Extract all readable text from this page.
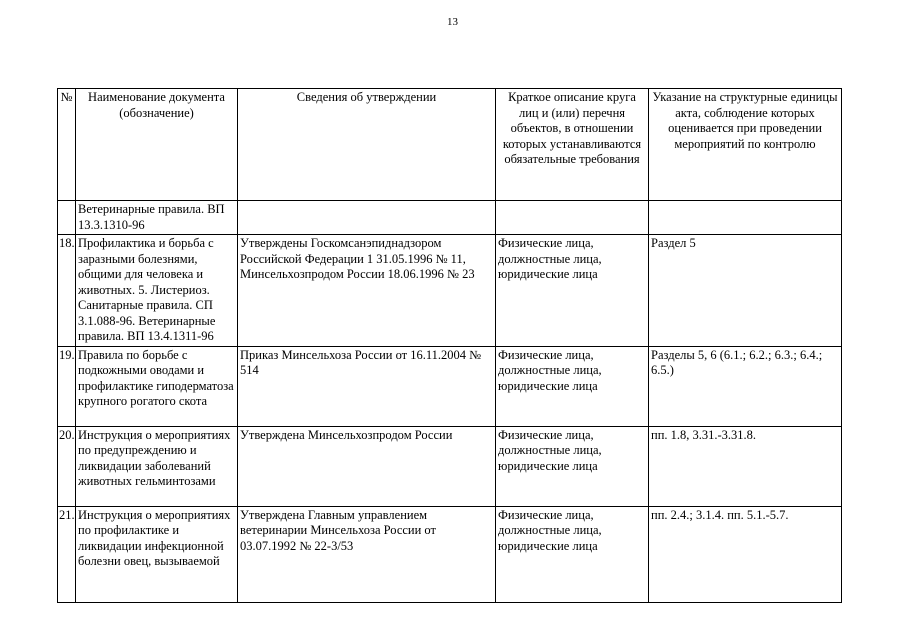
13
№	Наименование документа (обозначение)	Сведения об утверждении	Краткое описание круга лиц и (или) перечня объектов, в отношении которых устанавливаются обязательные требования	Указание на структурные единицы акта, соблюдение которых оценивается при проведении мероприятий по контролю
	Ветеринарные правила. ВП 13.3.1310-96			
18.	Профилактика и борьба с заразными болезнями, общими для человека и животных. 5. Листериоз. Санитарные правила. СП 3.1.088-96. Ветеринарные правила. ВП 13.4.1311-96	Утверждены Госкомсанэпиднадзором Российской Федерации 1 31.05.1996 № 11, Минсельхозпродом России 18.06.1996 № 23	Физические лица, должностные лица, юридические лица	Раздел 5
19.	Правила по борьбе с подкожными оводами и профилактике гиподерматоза крупного рогатого скота	Приказ Минсельхоза России от 16.11.2004 № 514	Физические лица, должностные лица, юридические лица	Разделы 5, 6 (6.1.; 6.2.; 6.3.; 6.4.; 6.5.)
20.	Инструкция о мероприятиях по предупреждению и ликвидации заболеваний животных гельминтозами	Утверждена Минсельхозпродом России	Физические лица, должностные лица, юридические лица	пп. 1.8, 3.31.-3.31.8.
21.	Инструкция о мероприятиях по профилактике и ликвидации инфекционной болезни овец, вызываемой	Утверждена Главным управлением ветеринарии Минсельхоза России от 03.07.1992 № 22-3/53	Физические лица, должностные лица, юридические лица	пп. 2.4.; 3.1.4. пп. 5.1.-5.7.
